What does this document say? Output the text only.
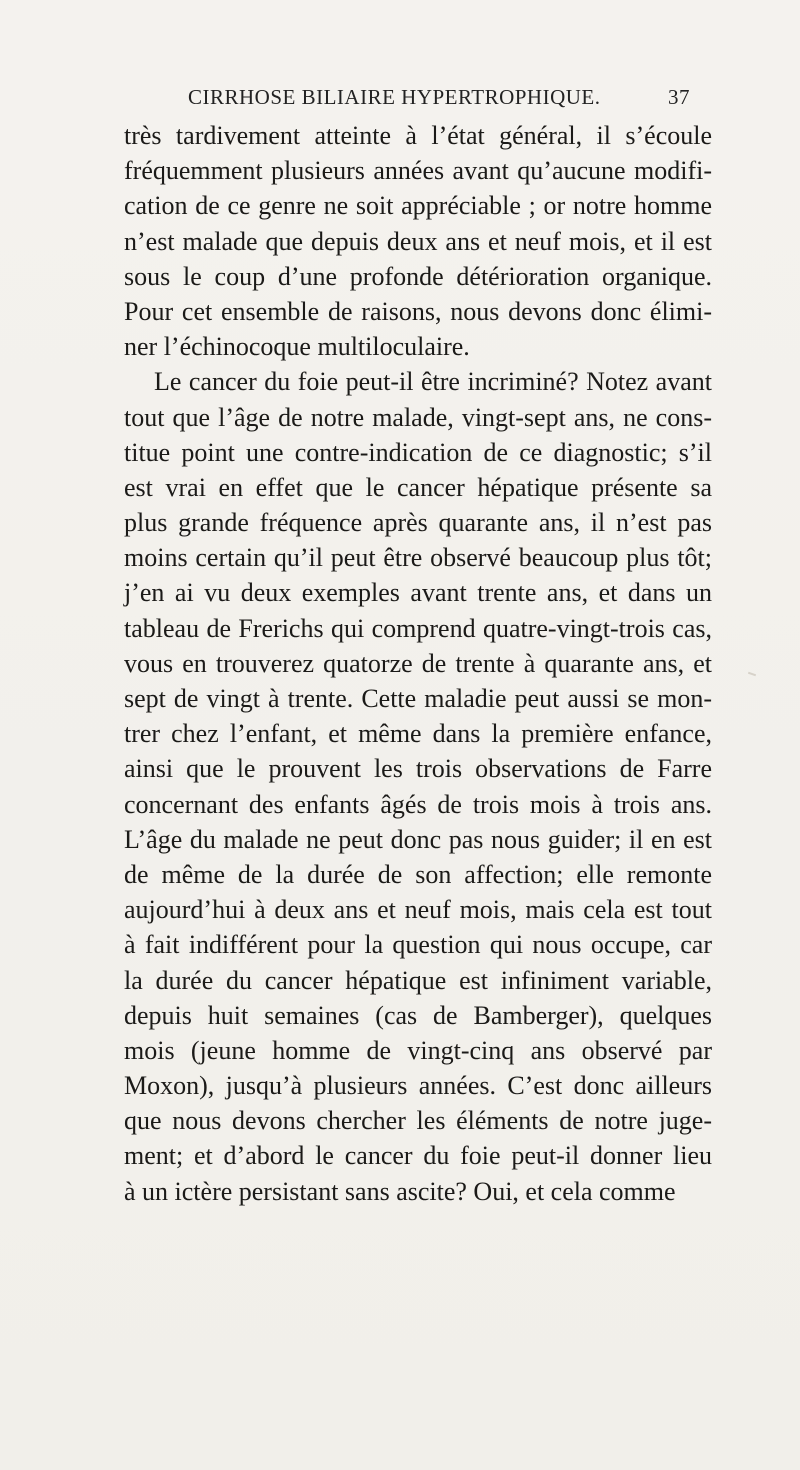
CIRRHOSE BILIAIRE HYPERTROPHIQUE.	37
très tardivement atteinte à l’état général, il s’écoule
fréquemment plusieurs années avant qu’aucune modifi-
cation de ce genre ne soit appréciable ; or notre homme
n’est malade que depuis deux ans et neuf mois, et il est
sous le coup d’une profonde détérioration organique.
Pour cet ensemble de raisons, nous devons donc élimi-
ner l’échinocoque multiloculaire.
Le cancer du foie peut-il être incriminé? Notez avant
tout que l’âge de notre malade, vingt-sept ans, ne cons-
titue point une contre-indication de ce diagnostic; s’il
est vrai en effet que le cancer hépatique présente sa
plus grande fréquence après quarante ans, il n’est pas
moins certain qu’il peut être observé beaucoup plus tôt;
j’en ai vu deux exemples avant trente ans, et dans un
tableau de Frerichs qui comprend quatre-vingt-trois cas,
vous en trouverez quatorze de trente à quarante ans, et
sept de vingt à trente. Cette maladie peut aussi se mon-
trer chez l’enfant, et même dans la première enfance,
ainsi que le prouvent les trois observations de Farre
concernant des enfants âgés de trois mois à trois ans.
L’âge du malade ne peut donc pas nous guider; il en est
de même de la durée de son affection; elle remonte
aujourd’hui à deux ans et neuf mois, mais cela est tout
à fait indifférent pour la question qui nous occupe, car
la durée du cancer hépatique est infiniment variable,
depuis huit semaines (cas de Bamberger), quelques
mois (jeune homme de vingt-cinq ans observé par
Moxon), jusqu’à plusieurs années. C’est donc ailleurs
que nous devons chercher les éléments de notre juge-
ment; et d’abord le cancer du foie peut-il donner lieu
à un ictère persistant sans ascite? Oui, et cela comme
